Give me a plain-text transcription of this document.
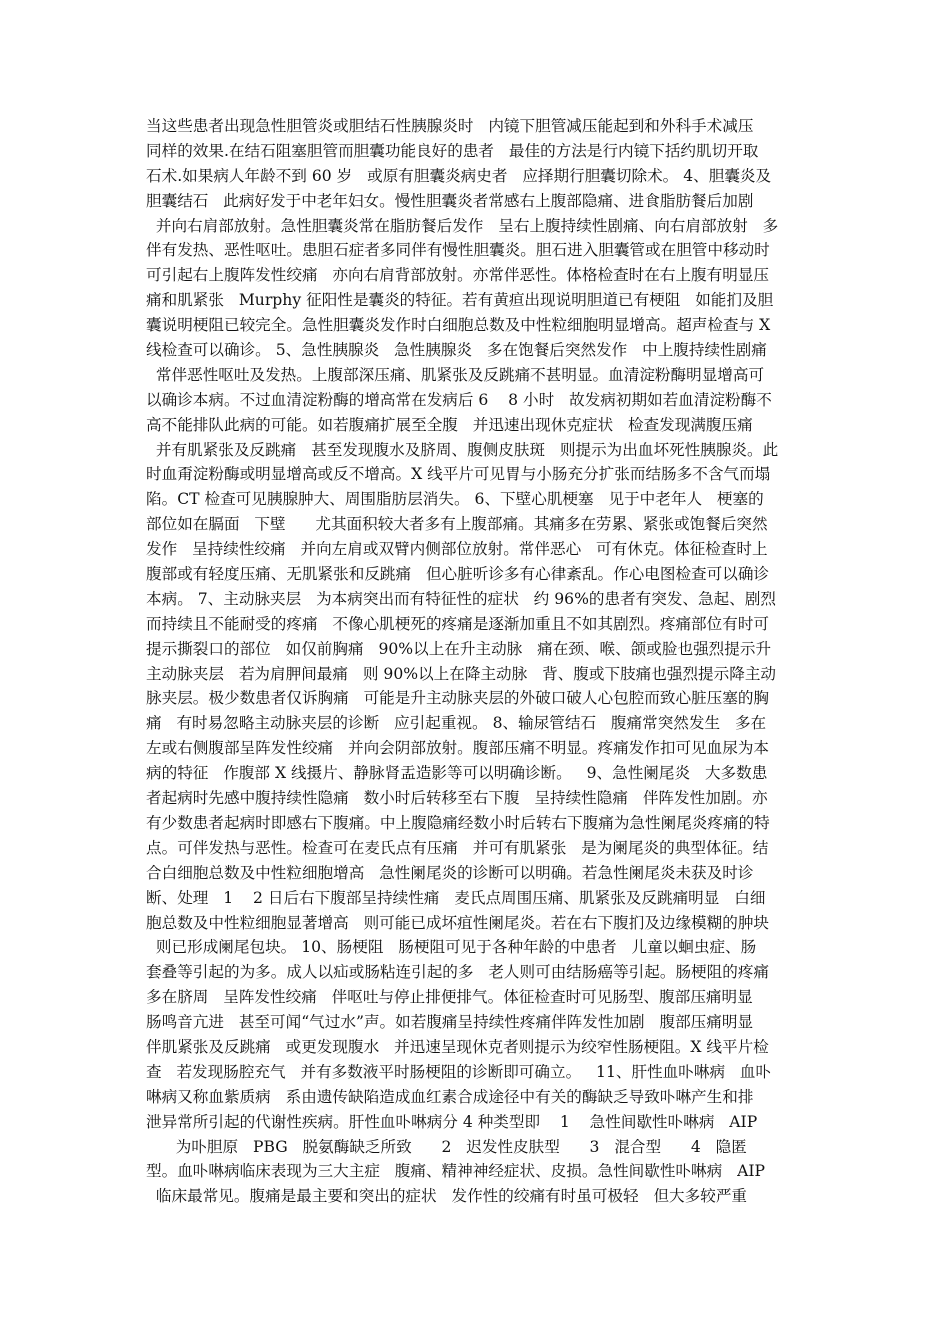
当这些患者出现急性胆管炎或胆结石性胰腺炎时   内镜下胆管减压能起到和外科手术减压
同样的效果.在结石阻塞胆管而胆囊功能良好的患者   最佳的方法是行内镜下括约肌切开取
石术.如果病人年龄不到 60 岁   或原有胆囊炎病史者   应择期行胆囊切除术。 4、胆囊炎及
胆囊结石   此病好发于中老年妇女。慢性胆囊炎者常感右上腹部隐痛、进食脂肪餐后加剧
并向右肩部放射。急性胆囊炎常在脂肪餐后发作   呈右上腹持续性剧痛、向右肩部放射   多
伴有发热、恶性呕吐。患胆石症者多同伴有慢性胆囊炎。胆石进入胆囊管或在胆管中移动时
可引起右上腹阵发性绞痛   亦向右肩背部放射。亦常伴恶性。体格检查时在右上腹有明显压
痛和肌紧张   Murphy 征阳性是囊炎的特征。若有黄疸出现说明胆道已有梗阻   如能扪及胆
囊说明梗阻已较完全。急性胆囊炎发作时白细胞总数及中性粒细胞明显增高。超声检查与 X
线检查可以确诊。 5、急性胰腺炎   急性胰腺炎   多在饱餐后突然发作   中上腹持续性剧痛
常伴恶性呕吐及发热。上腹部深压痛、肌紧张及反跳痛不甚明显。血清淀粉酶明显增高可
以确诊本病。不过血清淀粉酶的增高常在发病后 6    8 小时   故发病初期如若血清淀粉酶不
高不能排队此病的可能。如若腹痛扩展至全腹   并迅速出现休克症状   检查发现满腹压痛
并有肌紧张及反跳痛   甚至发现腹水及脐周、腹侧皮肤斑   则提示为出血坏死性胰腺炎。此
时血甭淀粉酶或明显增高或反不增高。X 线平片可见胃与小肠充分扩张而结肠多不含气而塌
陷。CT 检查可见胰腺肿大、周围脂肪层消失。 6、下壁心肌梗塞   见于中老年人   梗塞的
部位如在膈面   下壁      尤其面积较大者多有上腹部痛。其痛多在劳累、紧张或饱餐后突然
发作   呈持续性绞痛   并向左肩或双臂内侧部位放射。常伴恶心   可有休克。体征检查时上
腹部或有轻度压痛、无肌紧张和反跳痛   但心脏听诊多有心律紊乱。作心电图检查可以确诊
本病。 7、主动脉夹层   为本病突出而有特征性的症状   约 96%的患者有突发、急起、剧烈
而持续且不能耐受的疼痛   不像心肌梗死的疼痛是逐渐加重且不如其剧烈。疼痛部位有时可
提示撕裂口的部位   如仅前胸痛   90%以上在升主动脉   痛在颈、喉、颌或脸也强烈提示升
主动脉夹层   若为肩胛间最痛   则 90%以上在降主动脉   背、腹或下肢痛也强烈提示降主动
脉夹层。极少数患者仅诉胸痛   可能是升主动脉夹层的外破口破人心包腔而致心脏压塞的胸
痛   有时易忽略主动脉夹层的诊断   应引起重视。 8、输尿管结石   腹痛常突然发生   多在
左或右侧腹部呈阵发性绞痛   并向会阴部放射。腹部压痛不明显。疼痛发作扣可见血尿为本
病的特征   作腹部 X 线摄片、静脉肾盂造影等可以明确诊断。   9、急性阑尾炎   大多数患
者起病时先感中腹持续性隐痛   数小时后转移至右下腹   呈持续性隐痛   伴阵发性加剧。亦
有少数患者起病时即感右下腹痛。中上腹隐痛经数小时后转右下腹痛为急性阑尾炎疼痛的特
点。可伴发热与恶性。检查可在麦氏点有压痛   并可有肌紧张   是为阑尾炎的典型体征。结
合白细胞总数及中性粒细胞增高   急性阑尾炎的诊断可以明确。若急性阑尾炎未获及时诊
断、处理   1    2 日后右下腹部呈持续性痛   麦氏点周围压痛、肌紧张及反跳痛明显   白细
胞总数及中性粒细胞显著增高   则可能已成坏疽性阑尾炎。若在右下腹扪及边缘模糊的肿块
则已形成阑尾包块。 10、肠梗阻   肠梗阻可见于各种年龄的中患者   儿童以蛔虫症、肠
套叠等引起的为多。成人以疝或肠粘连引起的多   老人则可由结肠癌等引起。肠梗阻的疼痛
多在脐周   呈阵发性绞痛   伴呕吐与停止排便排气。体征检查时可见肠型、腹部压痛明显
肠鸣音亢进   甚至可闻“气过水”声。如若腹痛呈持续性疼痛伴阵发性加剧   腹部压痛明显
伴肌紧张及反跳痛   或更发现腹水   并迅速呈现休克者则提示为绞窄性肠梗阻。X 线平片检
查   若发现肠腔充气   并有多数液平时肠梗阻的诊断即可确立。   11、肝性血卟啉病   血卟
啉病又称血紫质病   系由遗传缺陷造成血红素合成途径中有关的酶缺乏导致卟啉产生和排
泄异常所引起的代谢性疾病。肝性血卟啉病分 4 种类型即    1    急性间歇性卟啉病   AIP
为卟胆原   PBG   脱氨酶缺乏所致      2   迟发性皮肤型      3   混合型      4   隐匿
型。血卟啉病临床表现为三大主症   腹痛、精神神经症状、皮损。急性间歇性卟啉病   AIP
临床最常见。腹痛是最主要和突出的症状   发作性的绞痛有时虽可极轻   但大多较严重
